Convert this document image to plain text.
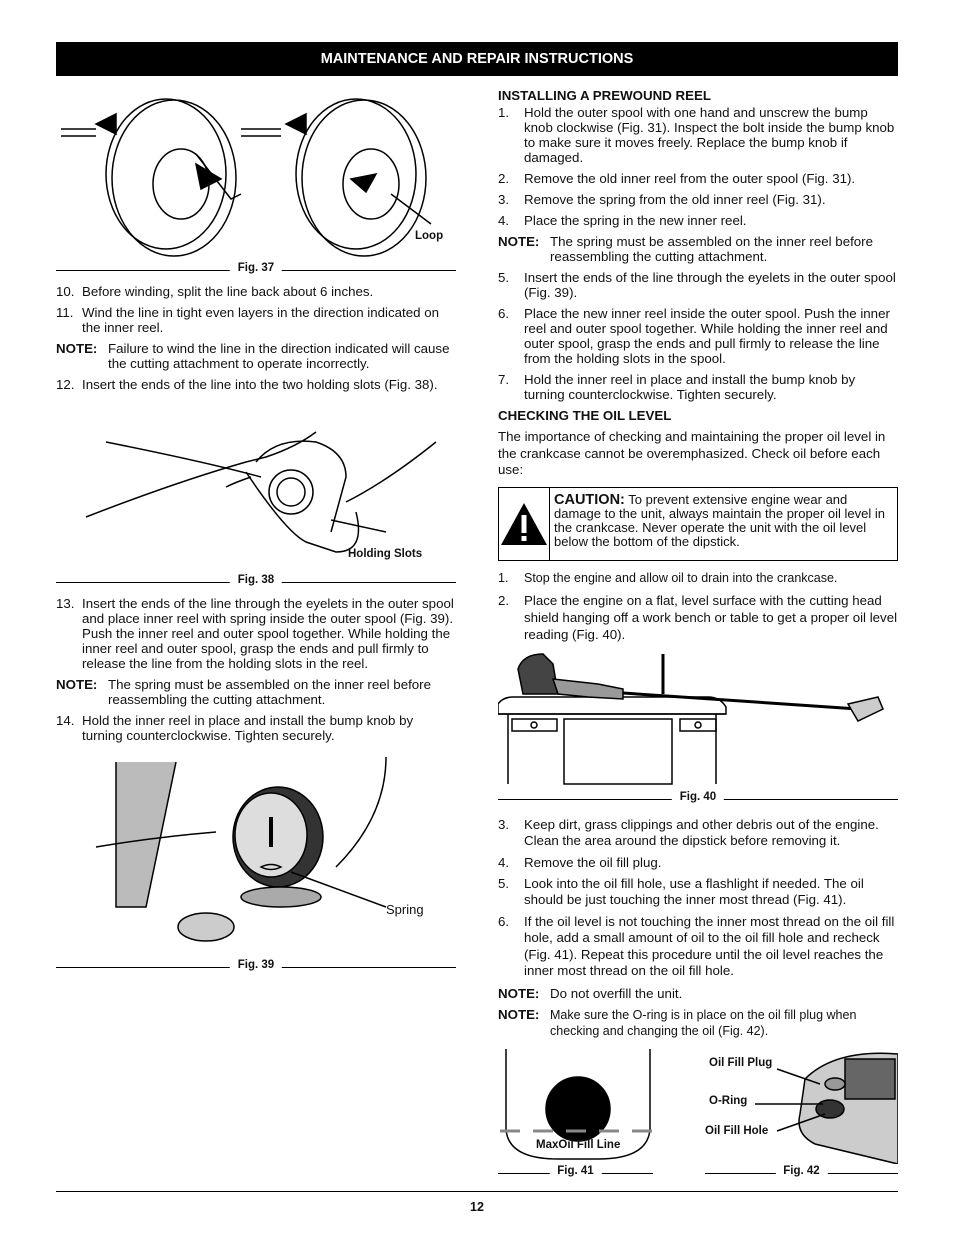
MAINTENANCE AND REPAIR INSTRUCTIONS
Loop
Fig. 37
10. Before winding, split the line back about 6 inches.
11. Wind the line in tight even layers in the direction indicated on the inner reel.
NOTE: Failure to wind the line in the direction indicated will cause the cutting attachment to operate incorrectly.
12. Insert the ends of the line into the two holding slots (Fig. 38).
Holding Slots
Fig. 38
13. Insert the ends of the line through the eyelets in the outer spool and place inner reel with spring inside the outer spool (Fig. 39). Push the inner reel and outer spool together. While holding the inner reel and outer spool, grasp the ends and pull firmly to release the line from the holding slots in the reel.
NOTE: The spring must be assembled on the inner reel before reassembling the cutting attachment.
14. Hold the inner reel in place and install the bump knob by turning counterclockwise. Tighten securely.
Spring
Fig. 39
INSTALLING A PREWOUND REEL
1.	Hold the outer spool with one hand and unscrew the bump knob clockwise (Fig. 31). Inspect the bolt inside the bump knob to make sure it moves freely. Replace the bump knob if damaged.
2.	Remove the old inner reel from the outer spool (Fig. 31).
3.	Remove the spring from the old inner reel (Fig. 31).
4.	Place the spring in the new inner reel.
NOTE: The spring must be assembled on the inner reel before reassembling the cutting attachment.
5.	Insert the ends of the line through the eyelets in the outer spool (Fig. 39).
6.	Place the new inner reel inside the outer spool. Push the inner reel and outer spool together. While holding the inner reel and outer spool, grasp the ends and pull firmly to release the line from the holding slots in the spool.
7.	Hold the inner reel in place and install the bump knob by turning counterclockwise. Tighten securely.
CHECKING THE OIL LEVEL
The importance of checking and maintaining the proper oil level in the crankcase cannot be overemphasized. Check oil before each use:
CAUTION: To prevent extensive engine wear and damage to the unit, always maintain the proper oil level in the crankcase. Never operate the unit with the oil level below the bottom of the dipstick.
1.	Stop the engine and allow oil to drain into the crankcase.
2.	Place the engine on a flat, level surface with the cutting head shield hanging off a work bench or table to get a proper oil level reading (Fig. 40).
Fig. 40
3.	Keep dirt, grass clippings and other debris out of the engine. Clean the area around the dipstick before removing it.
4.	Remove the oil fill plug.
5.	Look into the oil fill hole, use a flashlight if needed. The oil should be just touching the inner most thread (Fig. 41).
6.	If the oil level is not touching the inner most thread on the oil fill hole, add a small amount of oil to the oil fill hole and recheck (Fig. 41). Repeat this procedure until the oil level reaches the inner most thread on the oil fill hole.
NOTE: Do not overfill the unit.
NOTE: Make sure the O-ring is in place on the oil fill plug when checking and changing the oil (Fig. 42).
MaxOil Fill Line
Fig. 41
Oil Fill Plug
O-Ring
Oil Fill Hole
Fig. 42
12
